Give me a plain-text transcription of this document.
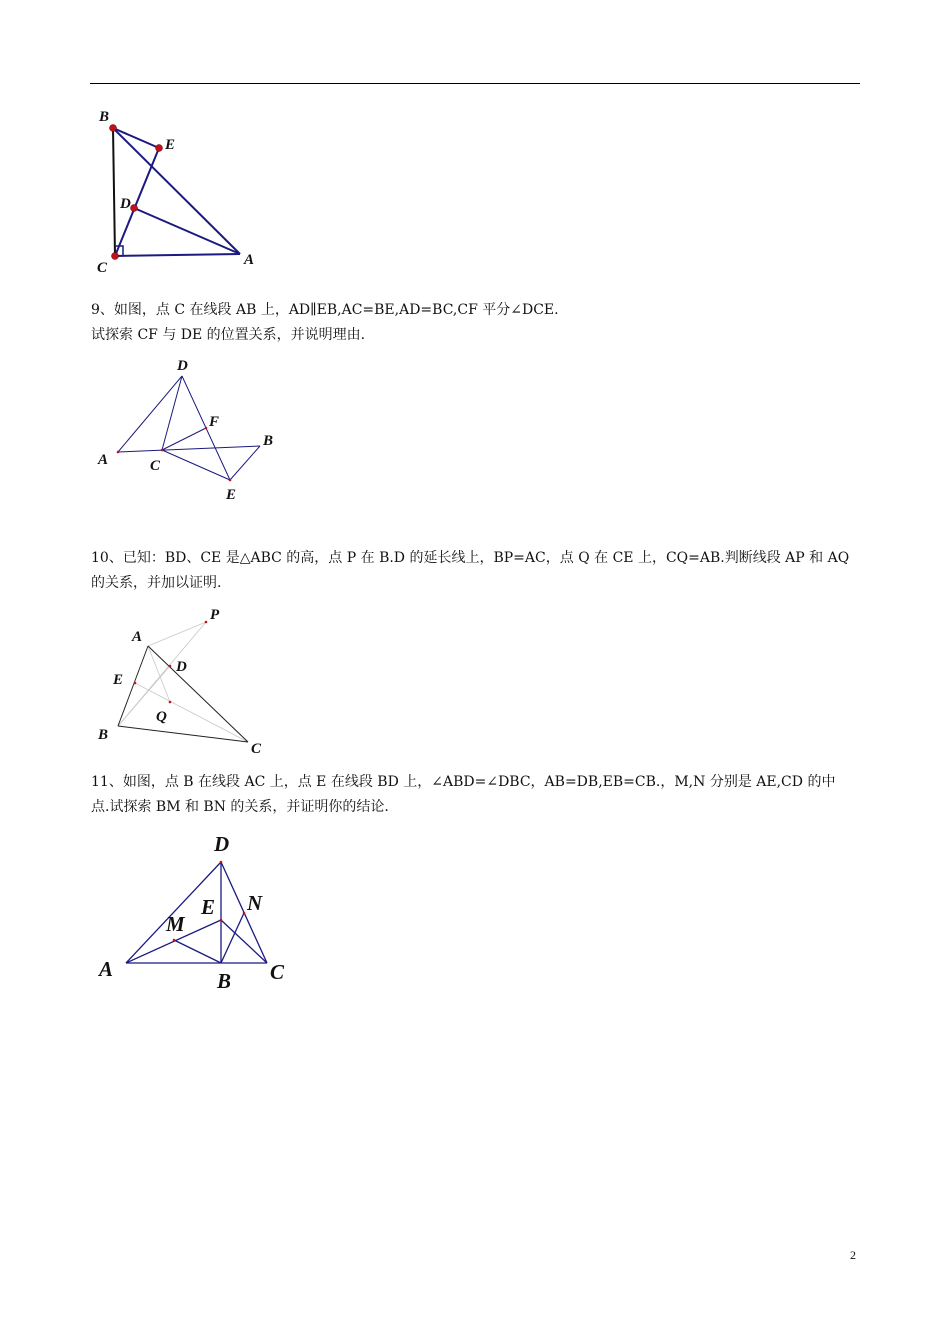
B
E
D
C	A
9、如图，点 C 在线段 AB 上，AD∥EB,AC=BE,AD=BC,CF 平分∠DCE.
试探索 CF 与 DE 的位置关系，并说明理由.
D
F
B
A	C
E
10、已知：BD、CE 是△ABC 的高，点 P 在 B.D 的延长线上，BP=AC，点 Q 在 CE 上，CQ=AB.判断线段 AP 和 AQ
的关系，并加以证明.
P
A
D
E
Q
B
C
11、如图，点 B 在线段 AC 上，点 E 在线段 BD 上，∠ABD=∠DBC，AB=DB,EB=CB.，M,N 分别是 AE,CD 的中
点.试探索 BM 和 BN 的关系，并证明你的结论.
D
E N
M
A	B C
2
